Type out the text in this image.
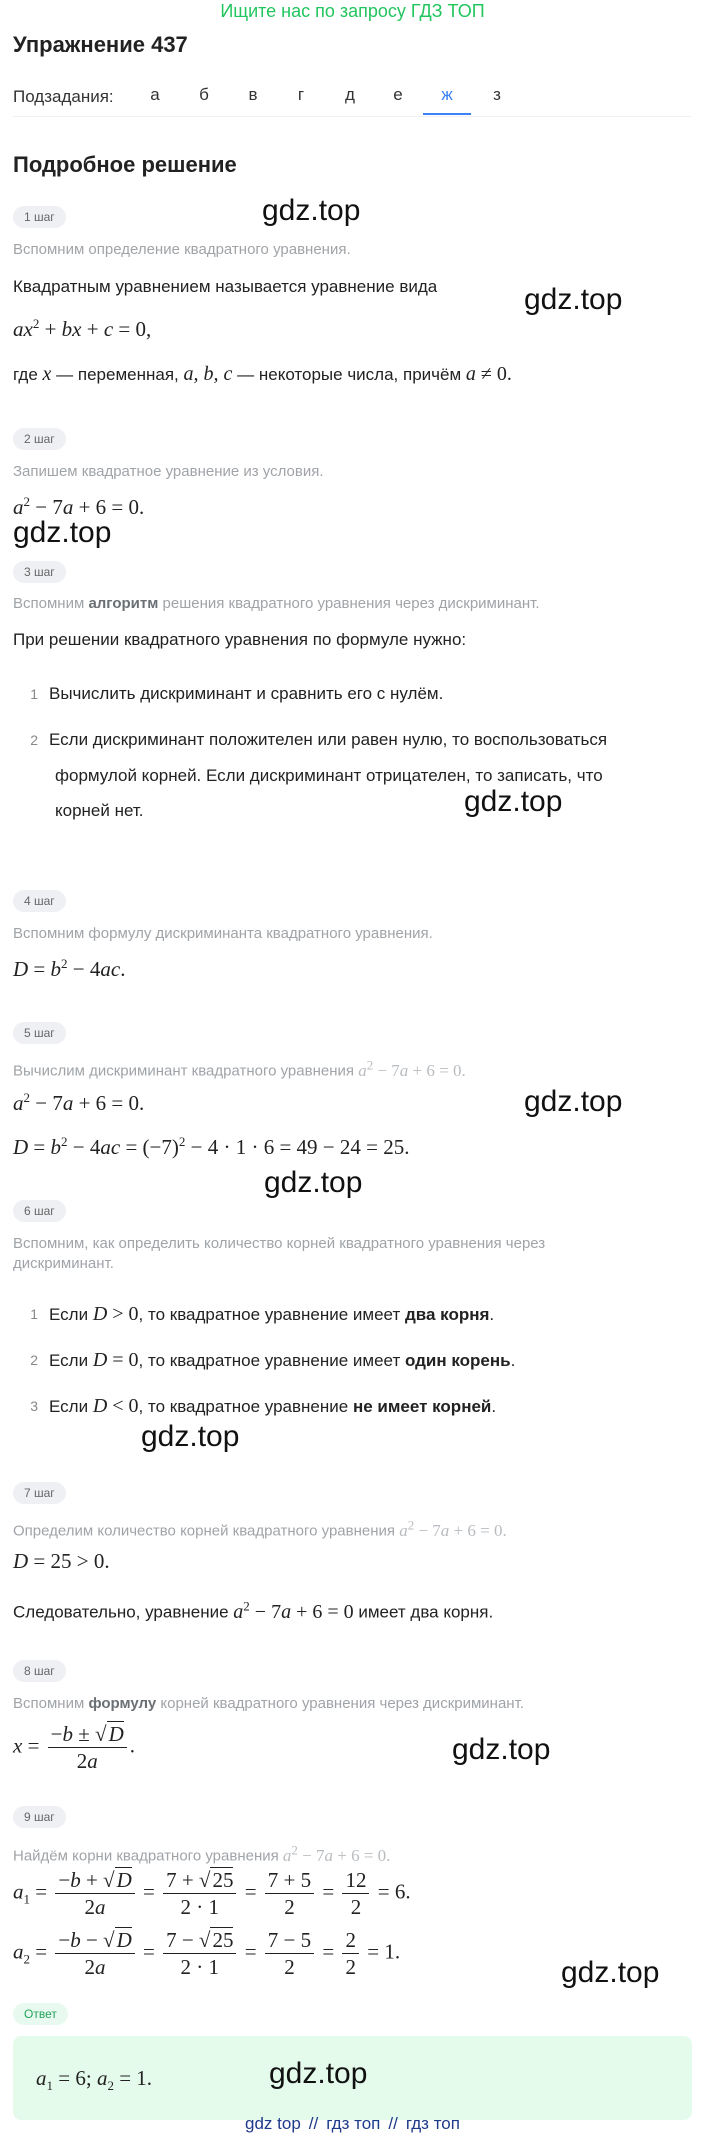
Ищите нас по запросу ГДЗ ТОП
Упражнение 437
Подзадания:	а	б	в	г	д	е	ж	з
Подробное решение
1 шаг	gdz.top
Вспомним определение квадратного уравнения.
Квадратным уравнением называется уравнение вида	gdz.top
$ax^2$ + bx + c = 0,
где x — переменная, a, b, c — некоторые числа, причём a ≠ 0.
2 шаг
Запишем квадратное уравнение из условия.
$a^2 - 7a + 6 = 0$.
gdz.top
3 шаг
Вспомним алгоритм решения квадратного уравнения через дискриминант.
При решении квадратного уравнения по формуле нужно:
1 Вычислить дискриминант и сравнить его с нулём.
2 Если дискриминант положителен или равен нулю, то воспользоваться
формулой корней. Если дискриминант отрицателен, то записать, что
корней нет.	gdz.top
4 шаг
Вспомним формулу дискриминанта квадратного уравнения.
$D = b^2 - 4ac$.
5 шаг
Вычислим дискриминант квадратного уравнения $a^2 - 7a + 6 = 0$.
$a^2 - 7a + 6 = 0$.	gdz.top
$D = b^2 - 4ac = (-7)^2 - 4 \cdot 1 \cdot 6 = 49 - 24 = 25$.
gdz.top
6 шаг
Вспомним, как определить количество корней квадратного уравнения через
дискриминант.
1 Если D > 0, то квадратное уравнение имеет два корня.
2 Если D = 0, то квадратное уравнение имеет один корень.
3 Если D < 0, то квадратное уравнение не имеет корней.
gdz.top
7 шаг
Определим количество корней квадратного уравнения $a^2 - 7a + 6 = 0$.
D = 25 > 0.
Следовательно, уравнение $a^2 - 7a + 6 = 0$ имеет два корня.
8 шаг
Вспомним формулу корней квадратного уравнения через дискриминант.
$x = \frac{-b \pm √D}{2a}$ .	gdz.top
9 шаг
Найдём корни квадратного уравнения $a^2 - 7a + 6 = 0$.
$a_1 = \frac{-b + √D}{2a} = \frac{7 + √25}{2 \cdot 1} = \frac{7 + 5}{2} = \frac{12}{2} = 6$.
$a_2 = \frac{-b - √D}{2a} = \frac{7 - √25}{2 \cdot 1} = \frac{7 - 5}{2} = \frac{2}{2} = 1$.
gdz.top
Ответ
$a_1 = 6$; $a_2 = 1$.	gdz.top
gdz top // гдз топ // гдз топ
